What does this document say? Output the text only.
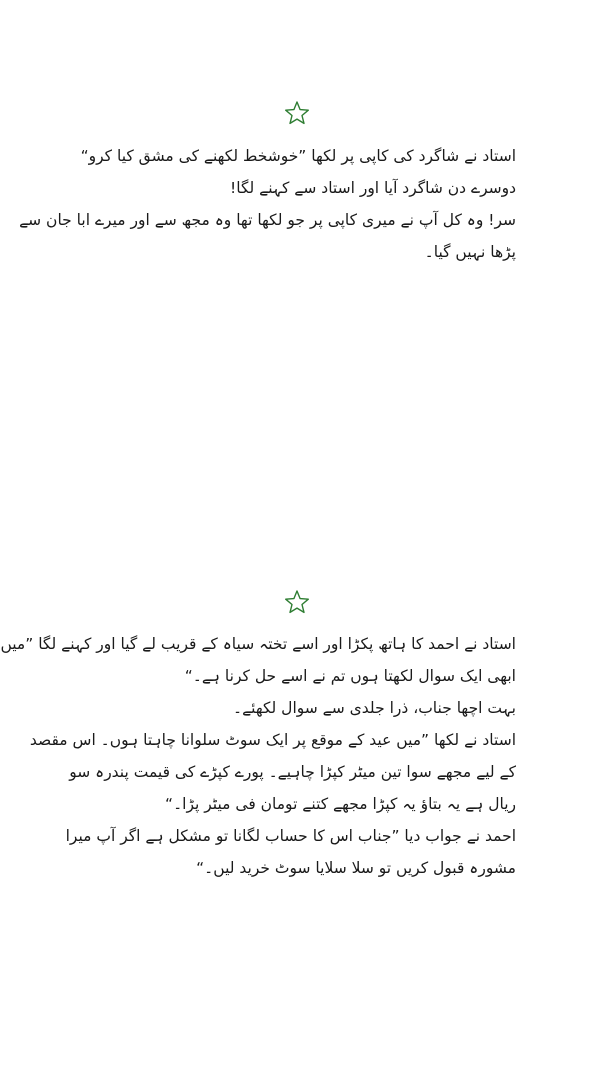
استاد نے شاگرد کی کاپی پر لکھا ”خوشخط لکھنے کی مشق کیا کرو“
دوسرے دن شاگرد آیا اور استاد سے کہنے لگا!
سر! وہ کل آپ نے میری کاپی پر جو لکھا تھا وہ مجھ سے اور میرے ابا جان سے
پڑھا نہیں گیا۔
استاد نے احمد کا ہاتھ پکڑا اور اسے تختہ سیاہ کے قریب لے گیا اور کہنے لگا ”میں
ابھی ایک سوال لکھتا ہوں تم نے اسے حل کرنا ہے۔“
بہت اچھا جناب، ذرا جلدی سے سوال لکھئے۔
استاد نے لکھا ”میں عید کے موقع پر ایک سوٹ سلوانا چاہتا ہوں۔ اس مقصد
کے لیے مجھے سوا تین میٹر کپڑا چاہیے۔ پورے کپڑے کی قیمت پندرہ سو
ریال ہے یہ بتاؤ یہ کپڑا مجھے کتنے تومان فی میٹر پڑا۔“
احمد نے جواب دیا ”جناب اس کا حساب لگانا تو مشکل ہے اگر آپ میرا
مشورہ قبول کریں تو سلا سلایا سوٹ خرید لیں۔“
